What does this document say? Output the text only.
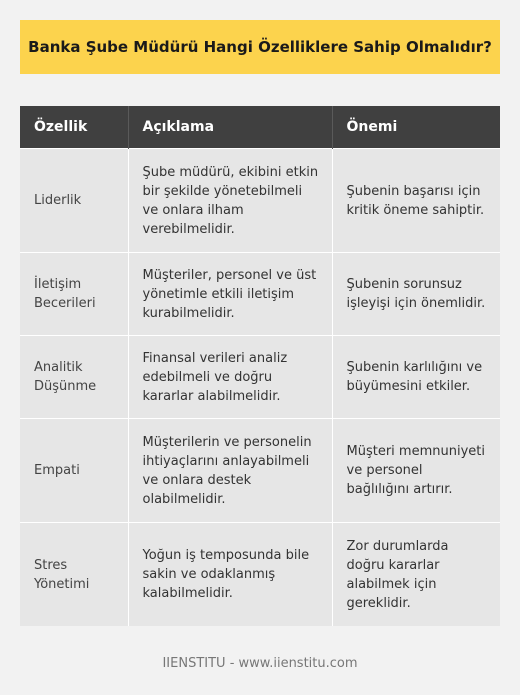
Banka Şube Müdürü Hangi Özelliklere Sahip Olmalıdır?
Özellik	Açıklama	Önemi
Liderlik	Şube müdürü, ekibini etkin bir şekilde yönetebilmeli ve onlara ilham verebilmelidir.	Şubenin başarısı için kritik öneme sahiptir.
İletişim Becerileri	Müşteriler, personel ve üst yönetimle etkili iletişim kurabilmelidir.	Şubenin sorunsuz işleyişi için önemlidir.
Analitik Düşünme	Finansal verileri analiz edebilmeli ve doğru kararlar alabilmelidir.	Şubenin karlılığını ve büyümesini etkiler.
Empati	Müşterilerin ve personelin ihtiyaçlarını anlayabilmeli ve onlara destek olabilmelidir.	Müşteri memnuniyeti ve personel bağlılığını artırır.
Stres Yönetimi	Yoğun iş temposunda bile sakin ve odaklanmış kalabilmelidir.	Zor durumlarda doğru kararlar alabilmek için gereklidir.
IIENSTITU - www.iienstitu.com
